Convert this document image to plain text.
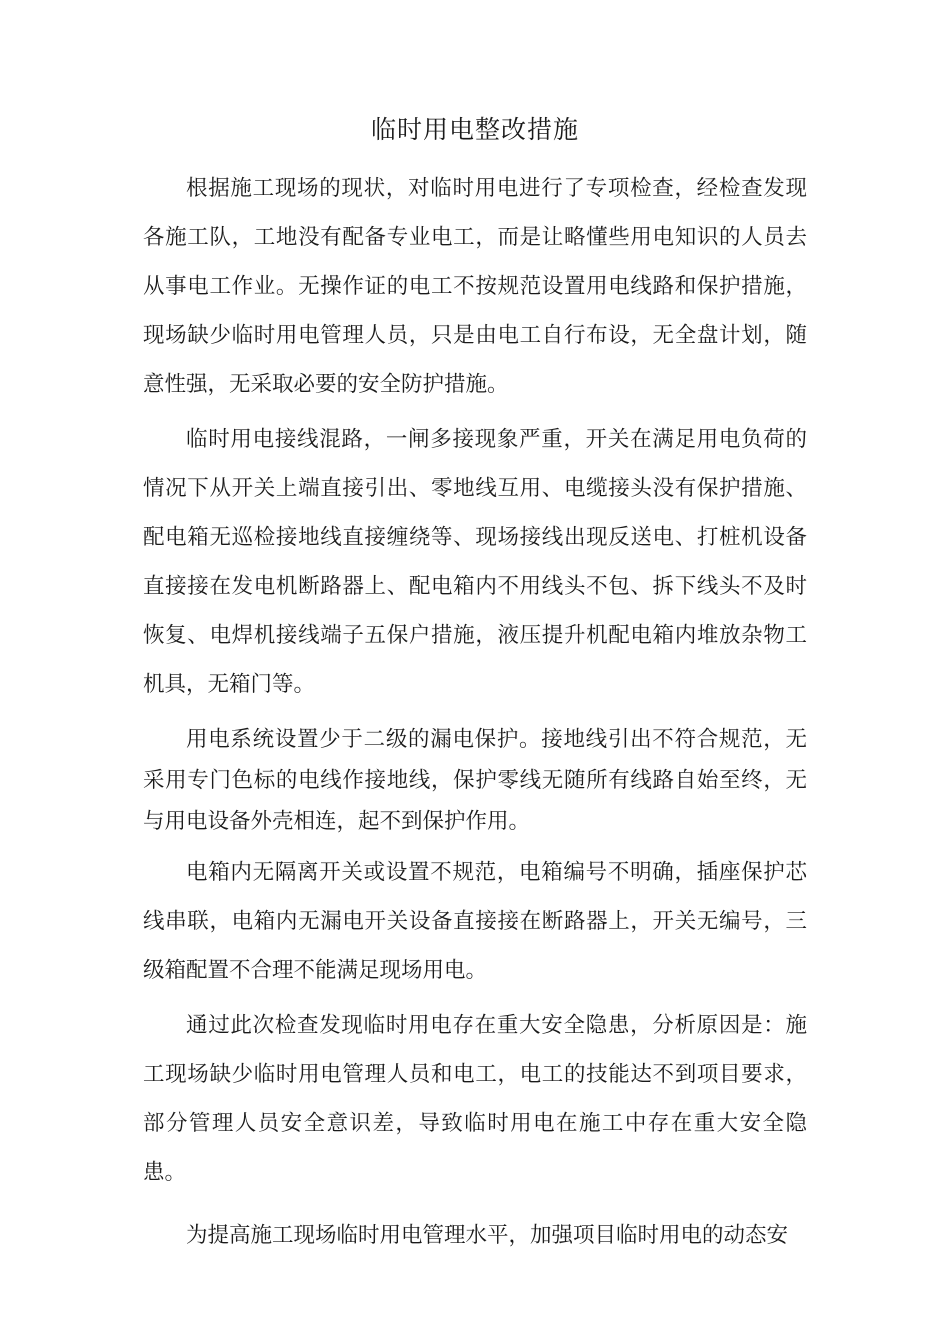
临时用电整改措施

根据施工现场的现状，对临时用电进行了专项检查，经检查发现各施工队，工地没有配备专业电工，而是让略懂些用电知识的人员去从事电工作业。无操作证的电工不按规范设置用电线路和保护措施，现场缺少临时用电管理人员，只是由电工自行布设，无全盘计划，随意性强，无采取必要的安全防护措施。

临时用电接线混路，一闸多接现象严重，开关在满足用电负荷的情况下从开关上端直接引出、零地线互用、电缆接头没有保护措施、配电箱无巡检接地线直接缠绕等、现场接线出现反送电、打桩机设备直接接在发电机断路器上、配电箱内不用线头不包、拆下线头不及时恢复、电焊机接线端子五保户措施，液压提升机配电箱内堆放杂物工机具，无箱门等。

用电系统设置少于二级的漏电保护。接地线引出不符合规范，无采用专门色标的电线作接地线，保护零线无随所有线路自始至终，无与用电设备外壳相连，起不到保护作用。

电箱内无隔离开关或设置不规范，电箱编号不明确，插座保护芯线串联，电箱内无漏电开关设备直接接在断路器上，开关无编号，三级箱配置不合理不能满足现场用电。

通过此次检查发现临时用电存在重大安全隐患，分析原因是：施工现场缺少临时用电管理人员和电工，电工的技能达不到项目要求，部分管理人员安全意识差，导致临时用电在施工中存在重大安全隐患。

为提高施工现场临时用电管理水平，加强项目临时用电的动态安
